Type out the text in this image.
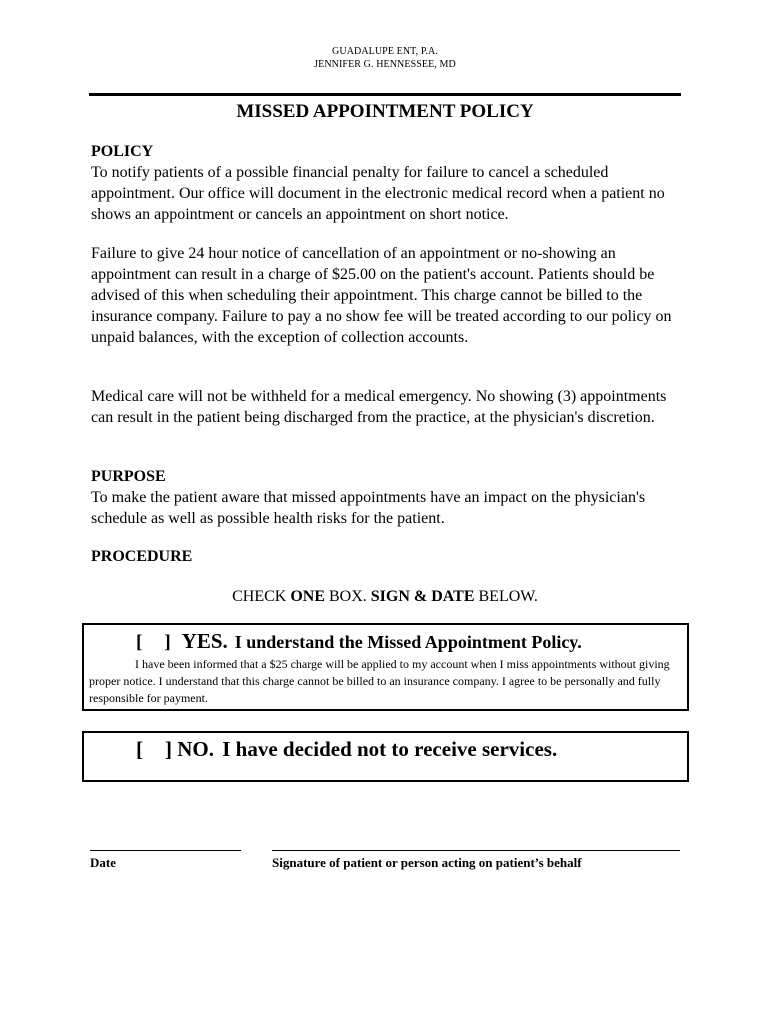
GUADALUPE ENT, P.A.
JENNIFER G. HENNESSEE, MD
MISSED APPOINTMENT POLICY
POLICY
To notify patients of a possible financial penalty for failure to cancel a scheduled appointment. Our office will document in the electronic medical record when a patient no shows an appointment or cancels an appointment on short notice.
Failure to give 24 hour notice of cancellation of an appointment or no-showing an appointment can result in a charge of $25.00 on the patient's account. Patients should be advised of this when scheduling their appointment. This charge cannot be billed to the insurance company. Failure to pay a no show fee will be treated according to our policy on unpaid balances, with the exception of collection accounts.
Medical care will not be withheld for a medical emergency. No showing (3) appointments can result in the patient being discharged from the practice, at the physician's discretion.
PURPOSE
To make the patient aware that missed appointments have an impact on the physician's schedule as well as possible health risks for the patient.
PROCEDURE
CHECK ONE BOX. SIGN & DATE BELOW.
[ ] YES. I understand the Missed Appointment Policy.
I have been informed that a $25 charge will be applied to my account when I miss appointments without giving proper notice. I understand that this charge cannot be billed to an insurance company. I agree to be personally and fully responsible for payment.
[ ] NO. I have decided not to receive services.
Date	Signature of patient or person acting on patient’s behalf
